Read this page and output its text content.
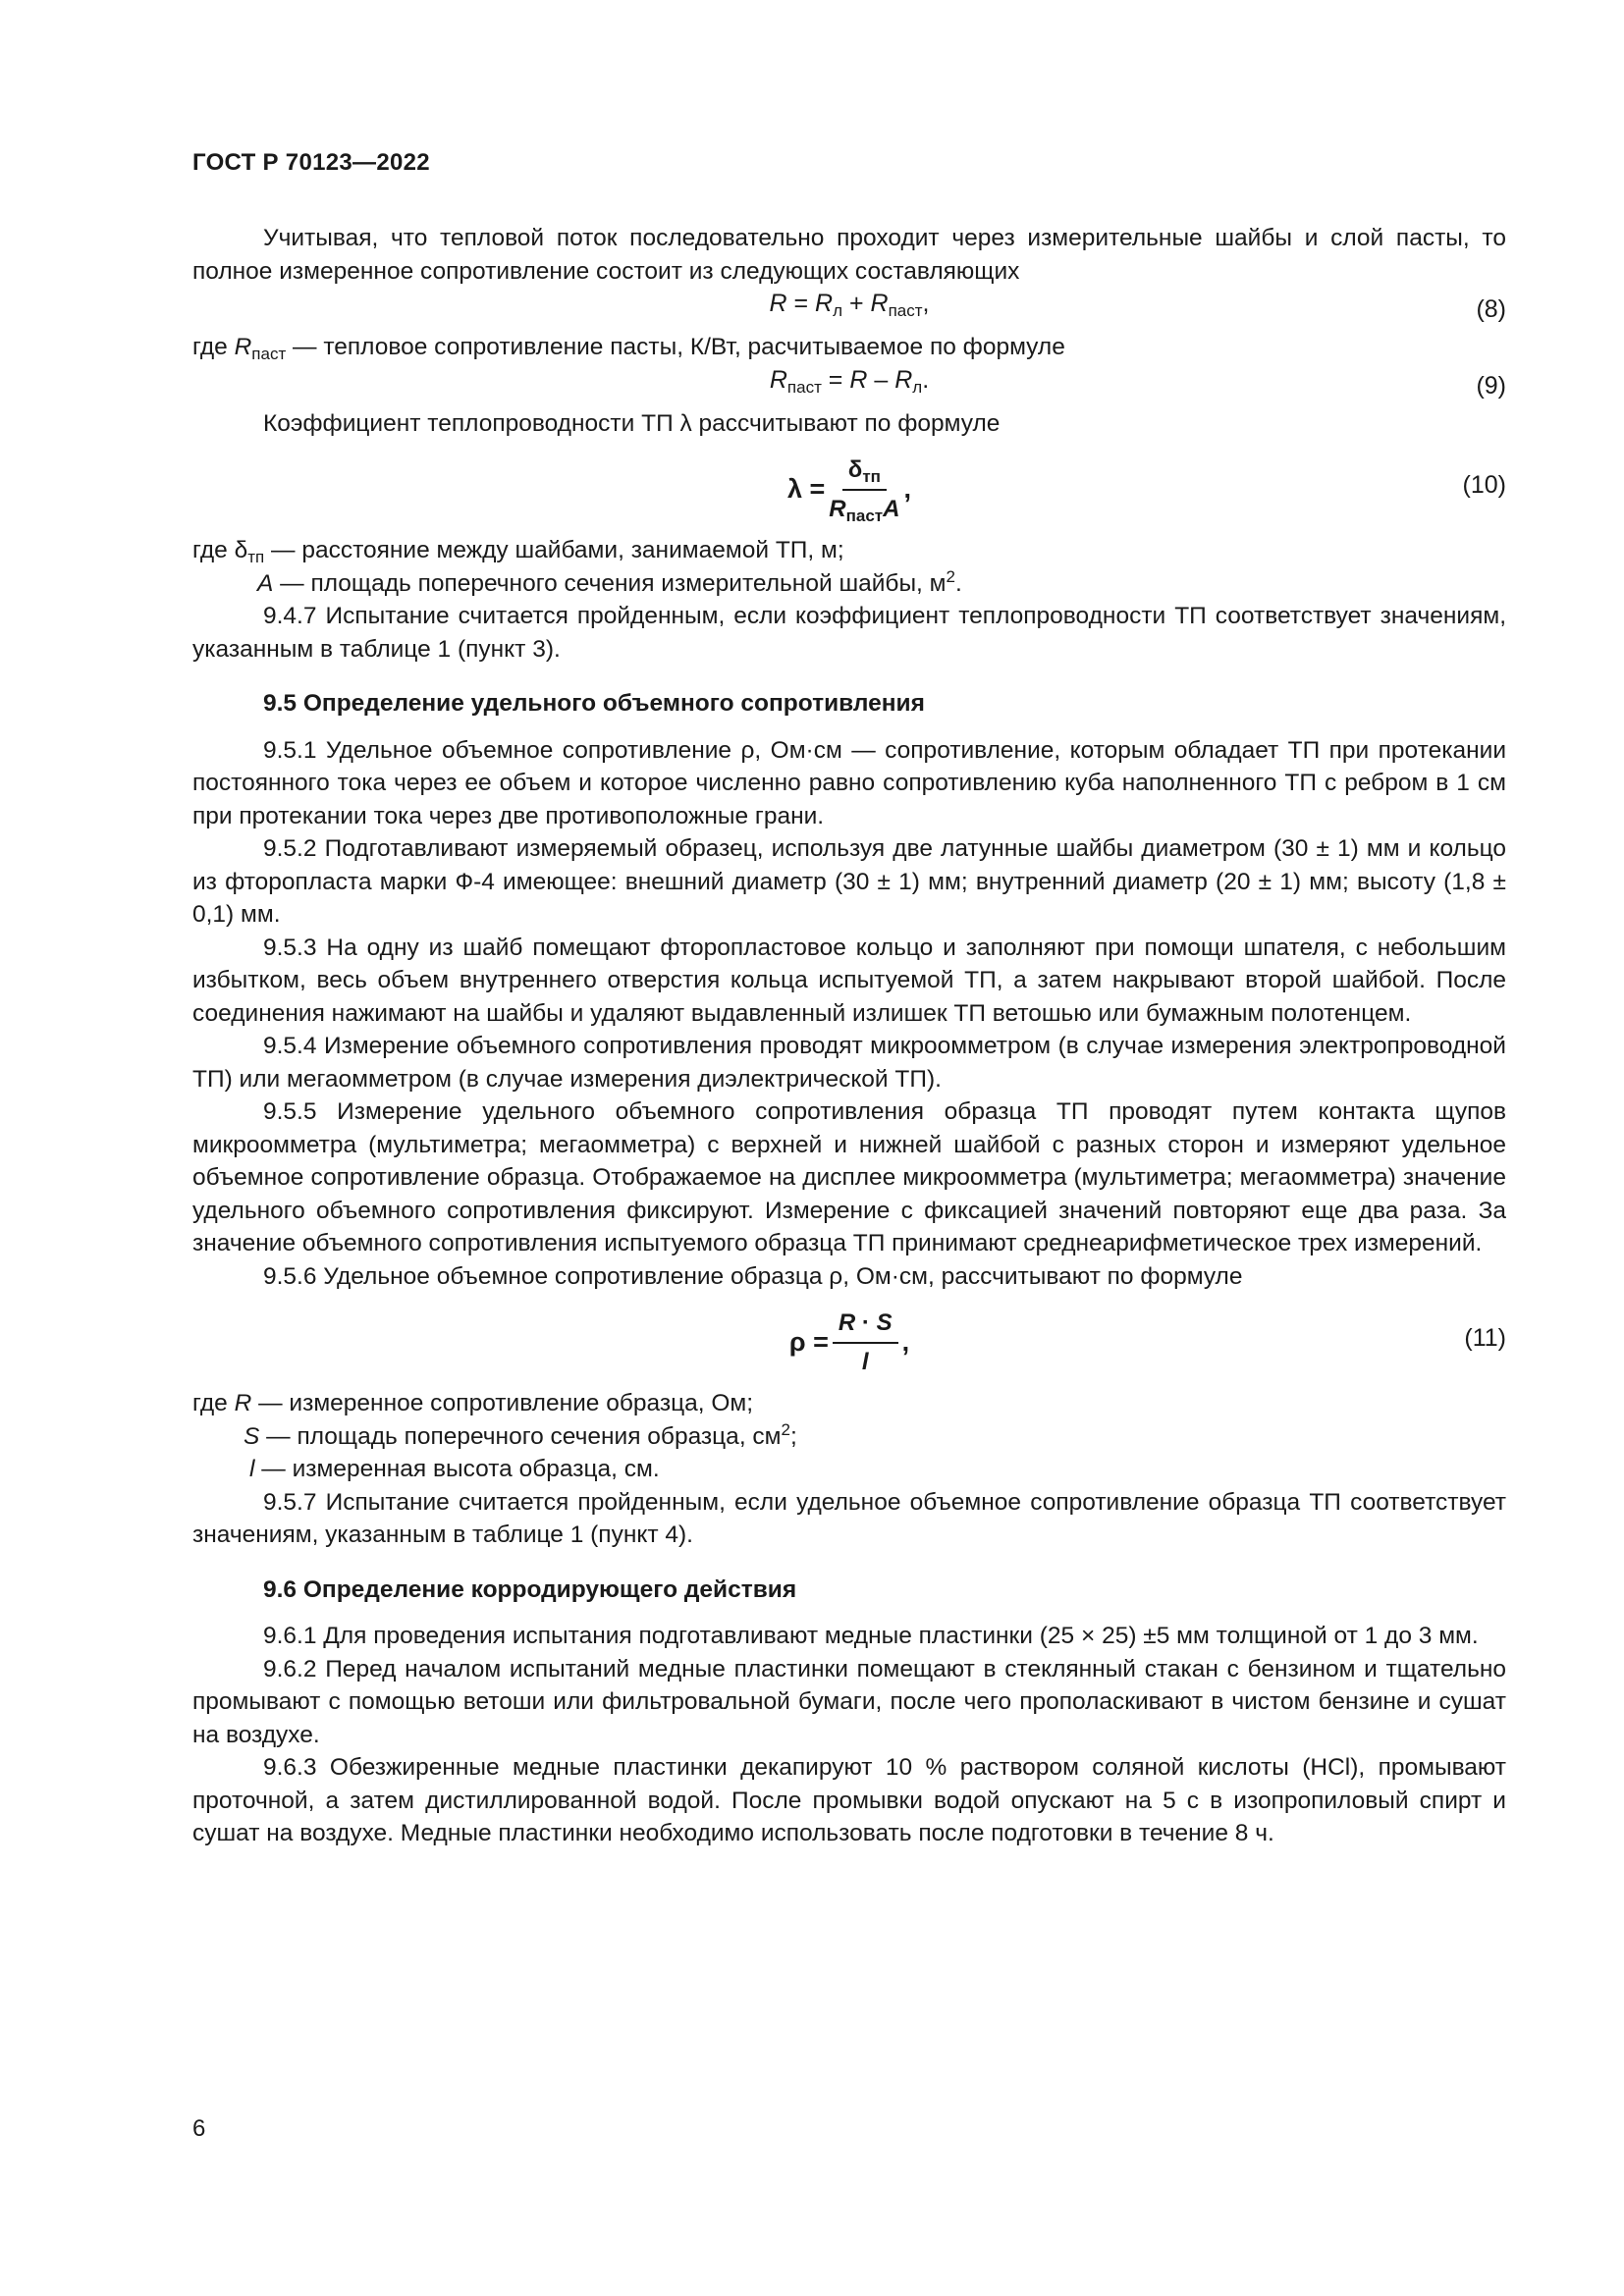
ГОСТ Р 70123—2022

Учитывая, что тепловой поток последовательно проходит через измерительные шайбы и слой пасты, то полное измеренное сопротивление состоит из следующих составляющих

$R = R_л + R_{паст}$,	(8)

где $R_{паст}$ — тепловое сопротивление пасты, К/Вт, расчитываемое по формуле

$R_{паст} = R - R_л$.	(9)

Коэффициент теплопроводности ТП λ рассчитывают по формуле

$\lambda = \frac{\delta_{тп}}{R_{паст}A}$ ,	(10)
где $\delta_{тп}$ — расстояние между шайбами, занимаемой ТП, м;
A — площадь поперечного сечения измерительной шайбы, $м^2$.

9.4.7 Испытание считается пройденным, если коэффициент теплопроводности ТП соответствует значениям, указанным в таблице 1 (пункт 3).

9.5 Определение удельного объемного сопротивления

9.5.1 Удельное объемное сопротивление ρ, Ом·см — сопротивление, которым обладает ТП при протекании постоянного тока через ее объем и которое численно равно сопротивлению куба наполненного ТП с ребром в 1 см при протекании тока через две противоположные грани.

9.5.2 Подготавливают измеряемый образец, используя две латунные шайбы диаметром (30 ± 1) мм и кольцо из фторопласта марки Ф-4 имеющее: внешний диаметр (30 ± 1) мм; внутренний диаметр (20 ± 1) мм; высоту (1,8 ± 0,1) мм.

9.5.3 На одну из шайб помещают фторопластовое кольцо и заполняют при помощи шпателя, с небольшим избытком, весь объем внутреннего отверстия кольца испытуемой ТП, а затем накрывают второй шайбой. После соединения нажимают на шайбы и удаляют выдавленный излишек ТП ветошью или бумажным полотенцем.

9.5.4 Измерение объемного сопротивления проводят микроомметром (в случае измерения электропроводной ТП) или мегаомметром (в случае измерения диэлектрической ТП).

9.5.5 Измерение удельного объемного сопротивления образца ТП проводят путем контакта щупов микроомметра (мультиметра; мегаомметра) с верхней и нижней шайбой с разных сторон и измеряют удельное объемное сопротивление образца. Отображаемое на дисплее микроомметра (мультиметра; мегаомметра) значение удельного объемного сопротивления фиксируют. Измерение с фиксацией значений повторяют еще два раза. За значение объемного сопротивления испытуемого образца ТП принимают среднеарифметическое трех измерений.

9.5.6 Удельное объемное сопротивление образца ρ, Ом·см, рассчитывают по формуле

$\rho = \frac{R \cdot S}{l}$ ,	(11)
где R — измеренное сопротивление образца, Ом;
S — площадь поперечного сечения образца, $см^2$;
l — измеренная высота образца, см.

9.5.7 Испытание считается пройденным, если удельное объемное сопротивление образца ТП соответствует значениям, указанным в таблице 1 (пункт 4).

9.6 Определение корродирующего действия

9.6.1 Для проведения испытания подготавливают медные пластинки (25 × 25) ±5 мм толщиной от 1 до 3 мм.

9.6.2 Перед началом испытаний медные пластинки помещают в стеклянный стакан с бензином и тщательно промывают с помощью ветоши или фильтровальной бумаги, после чего прополаскивают в чистом бензине и сушат на воздухе.

9.6.3 Обезжиренные медные пластинки декапируют 10 % раствором соляной кислоты (HCl), промывают проточной, а затем дистиллированной водой. После промывки водой опускают на 5 с в изопропиловый спирт и сушат на воздухе. Медные пластинки необходимо использовать после подготовки в течение 8 ч.

6
